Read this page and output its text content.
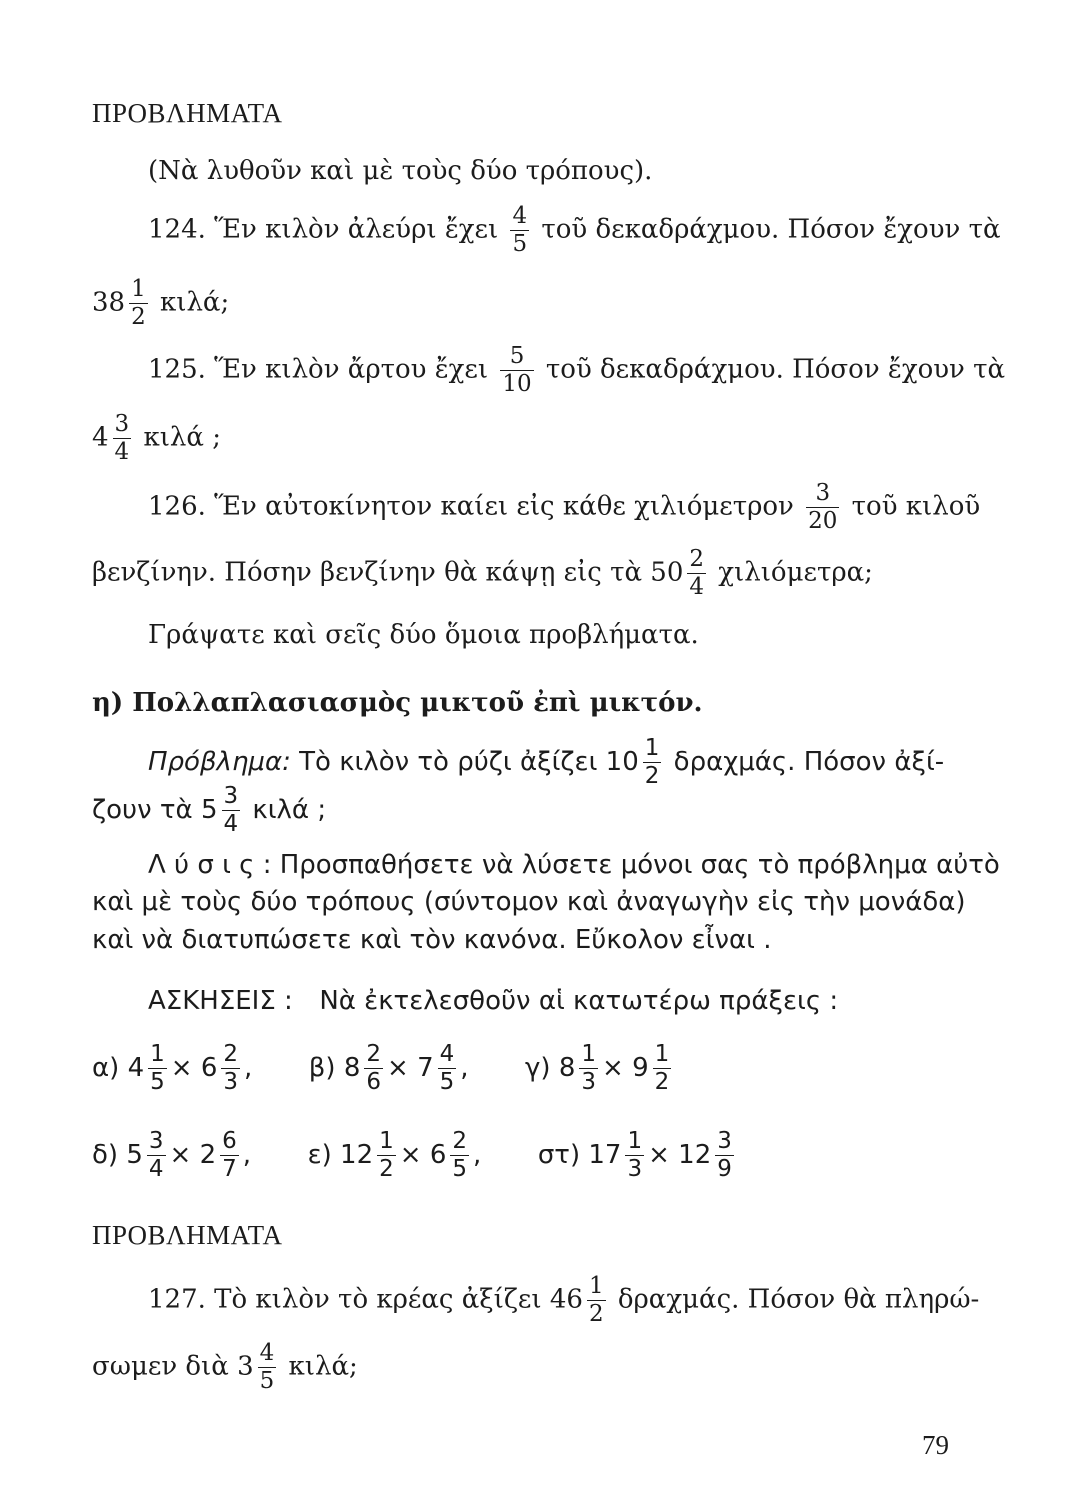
ΠΡΟΒΛΗΜΑΤΑ
(Νὰ λυθοῦν καὶ μὲ τοὺς δύο τρόπους).
124. Ἕν κιλὸν ἀλεύρι ἔχει $\frac{4}{5}$ τοῦ δεκαδράχμου. Πόσον ἔχουν τὰ
$38 \frac{1}{2} \kappa\iota\lambda ά$;
125. Ἕν κιλὸν ἄρτου ἔχει $\frac{5}{10}$ τοῦ δεκαδράχμου. Πόσον ἔχουν τὰ
$4 \frac{3}{4}$ κιλά ;
126. Ἕν αὐτοκίνητον καίει εἰς κάθε χιλιόμετρον $\frac{3}{20}$ τοῦ κιλοῦ
βενζίνην. Πόσην βενζίνην θὰ κάψῃ εἰς τὰ $50 \frac{2}{4} \chi\iota\lambda\iota ό\mu\varepsilon\tau\rho\alpha$;
Γράψατε καὶ σεῖς δύο ὅμοια προβλήματα.
η) Πολλαπλασιασμὸς μικτοῦ ἐπὶ μικτόν.
Πρόβλημα: Τὸ κιλὸν τὸ ρύζι ἀξίζει $10 \frac{1}{2} \delta\rho\alpha\chi\mu ά\varsigma$. Πόσον ἀξί-
ζουν τὰ $5 \frac{3}{4}$ κιλά ;
Λ ύ σ ι ς : Προσπαθήσετε νὰ λύσετε μόνοι σας τὸ πρόβλημα αὐτὸ
καὶ μὲ τοὺς δύο τρόπους (σύντομον καὶ ἀναγωγὴν εἰς τὴν μονάδα)
καὶ νὰ διατυπώσετε καὶ τὸν κανόνα. Εὔκολον εἶναι .
ΑΣΚΗΣΕΙΣ : Νὰ ἐκτελεσθοῦν αἱ κατωτέρω πράξεις :
α) $4 \frac{1}{5} \times 6 \frac{2}{3}$ , β) $8 \frac{2}{6} \times 7 \frac{4}{5}$ , γ) $8 \frac{1}{3} \times 9 \frac{1}{2}$
δ) $5 \frac{3}{4} \times 2 \frac{6}{7}$ , ε) $12 \frac{1}{2} \times 6 \frac{2}{5}$ , στ) $17 \frac{1}{3} \times 12 \frac{3}{9}$
ΠΡΟΒΛΗΜΑΤΑ
127. Τὸ κιλὸν τὸ κρέας ἀξίζει $46 \frac{1}{2} \delta\rho\alpha\chi\mu ά\varsigma$. Πόσον θὰ πληρώ-
σωμεν διὰ $3 \frac{4}{5} \kappa\iota\lambda ά$;
79
